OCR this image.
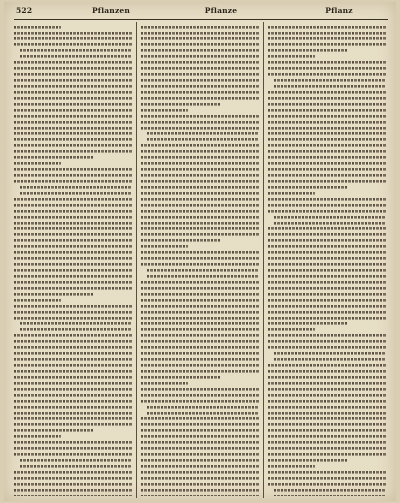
522	Pflanzen	Pflanze	Pflanz
